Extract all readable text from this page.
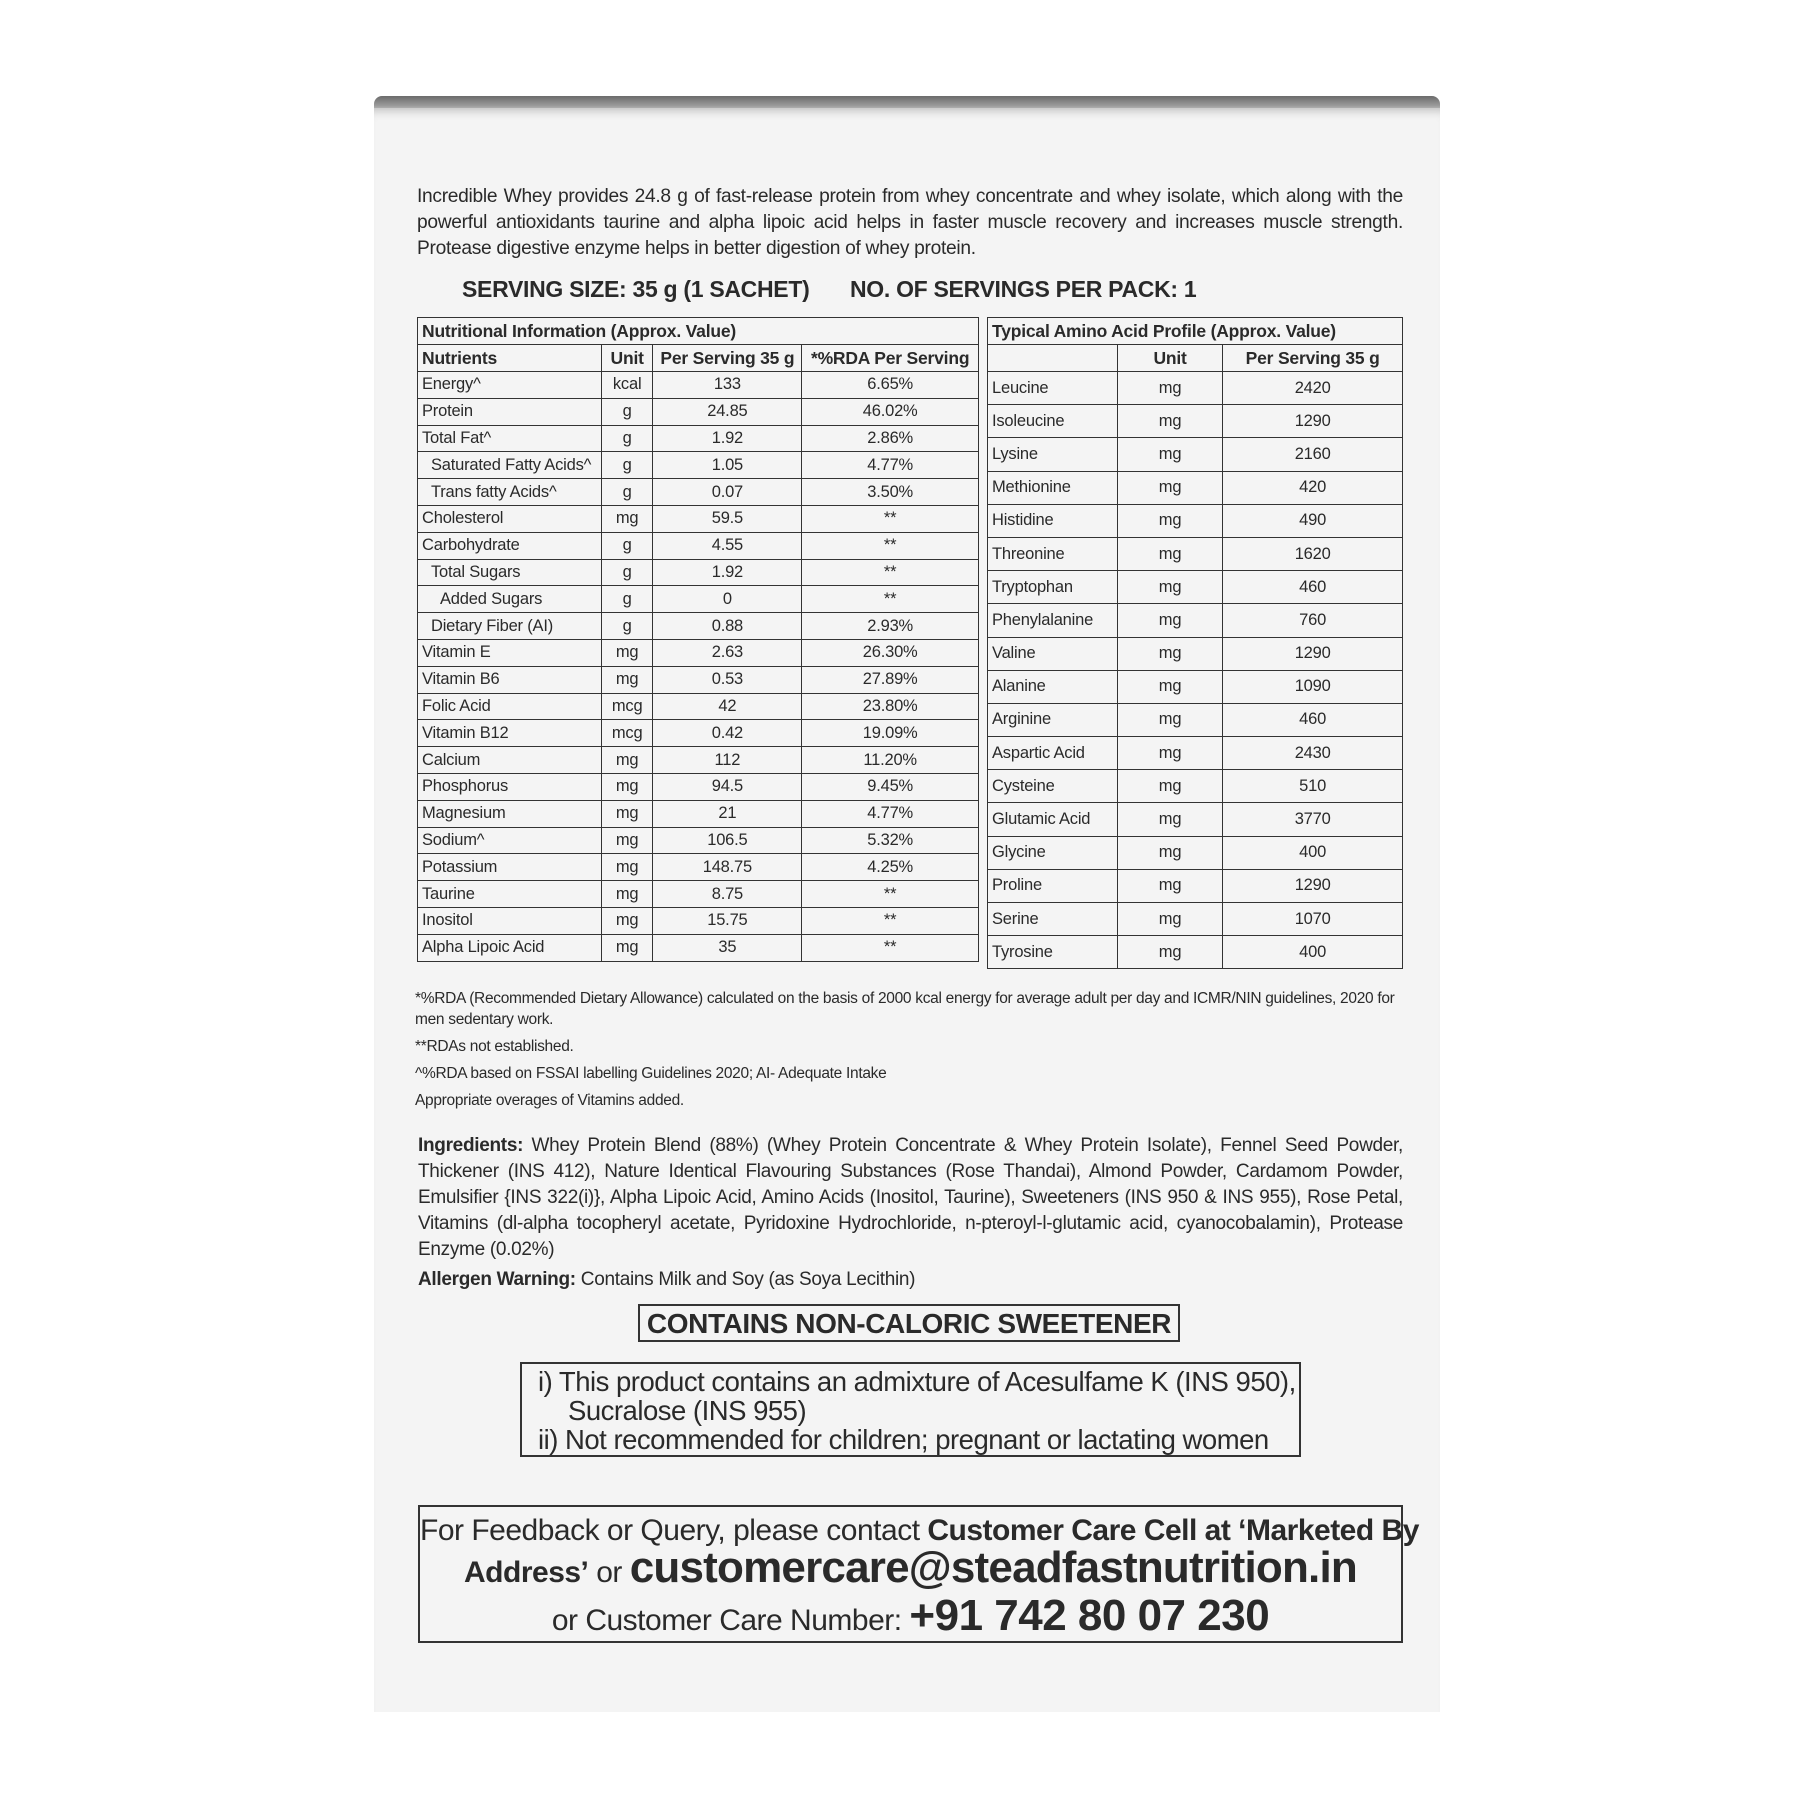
Incredible Whey provides 24.8 g of fast-release protein from whey concentrate and whey isolate, which along with the powerful antioxidants taurine and alpha lipoic acid helps in faster muscle recovery and increases muscle strength. Protease digestive enzyme helps in better digestion of whey protein.

SERVING SIZE: 35 g (1 SACHET) NO. OF SERVINGS PER PACK: 1
Nutritional Information (Approx. Value)			
Nutrients	Unit	Per Serving 35 g	*%RDA Per Serving
Energy^	kcal	133	6.65%
Protein	g	24.85	46.02%
Total Fat^	g	1.92	2.86%
Saturated Fatty Acids^	g	1.05	4.77%
Trans fatty Acids^	g	0.07	3.50%
Cholesterol	mg	59.5	**
Carbohydrate	g	4.55	**
Total Sugars	g	1.92	**
Added Sugars	g	0	**
Dietary Fiber (AI)	g	0.88	2.93%
Vitamin E	mg	2.63	26.30%
Vitamin B6	mg	0.53	27.89%
Folic Acid	mcg	42	23.80%
Vitamin B12	mcg	0.42	19.09%
Calcium	mg	112	11.20%
Phosphorus	mg	94.5	9.45%
Magnesium	mg	21	4.77%
Sodium^	mg	106.5	5.32%
Potassium	mg	148.75	4.25%
Taurine	mg	8.75	**
Inositol	mg	15.75	**
Alpha Lipoic Acid	mg	35	**
Typical Amino Acid Profile (Approx. Value)		
	Unit	Per Serving 35 g
Leucine	mg	2420
Isoleucine	mg	1290
Lysine	mg	2160
Methionine	mg	420
Histidine	mg	490
Threonine	mg	1620
Tryptophan	mg	460
Phenylalanine	mg	760
Valine	mg	1290
Alanine	mg	1090
Arginine	mg	460
Aspartic Acid	mg	2430
Cysteine	mg	510
Glutamic Acid	mg	3770
Glycine	mg	400
Proline	mg	1290
Serine	mg	1070
Tyrosine	mg	400

*%RDA (Recommended Dietary Allowance) calculated on the basis of 2000 kcal energy for average adult per day and ICMR/NIN guidelines, 2020 for men sedentary work.

**RDAs not established.

^%RDA based on FSSAI labelling Guidelines 2020; AI- Adequate Intake

Appropriate overages of Vitamins added.

Ingredients: Whey Protein Blend (88%) (Whey Protein Concentrate & Whey Protein Isolate), Fennel Seed Powder, Thickener (INS 412), Nature Identical Flavouring Substances (Rose Thandai), Almond Powder, Cardamom Powder, Emulsifier {INS 322(i)}, Alpha Lipoic Acid, Amino Acids (Inositol, Taurine), Sweeteners (INS 950 & INS 955), Rose Petal, Vitamins (dl-alpha tocopheryl acetate, Pyridoxine Hydrochloride, n-pteroyl-l-glutamic acid, cyanocobalamin), Protease Enzyme (0.02%)

Allergen Warning: Contains Milk and Soy (as Soya Lecithin)
CONTAINS NON-CALORIC SWEETENER
i) This product contains an admixture of Acesulfame K (INS 950),
Sucralose (INS 955)
ii) Not recommended for children; pregnant or lactating women
For Feedback or Query, please contact Customer Care Cell at ‘Marketed By
Address’ or customercare@steadfastnutrition.in
or Customer Care Number: +91 742 80 07 230
